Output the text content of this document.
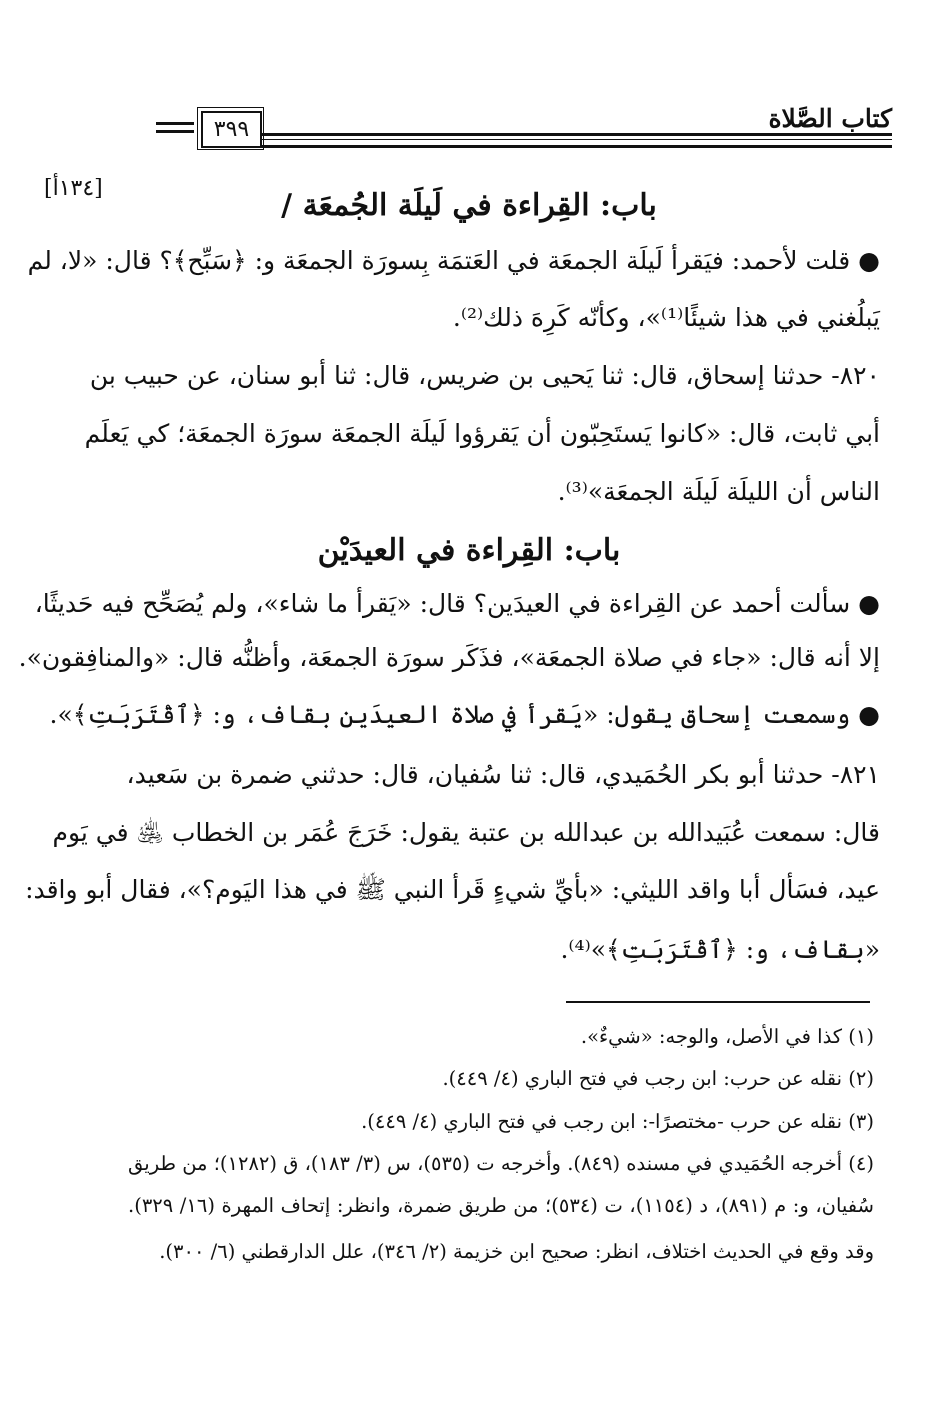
كتاب الصَّلاة
٣٩٩
[١٣٤أ]	باب: القِراءة في لَيلَة الجُمعَة /
● قلت لأحمد: فيَقرأ لَيلَة الجمعَة في العَتمَة بِسورَة الجمعَة و: ﴿سَبِّح﴾؟ قال: «لا، لم
يَبلُغني في هذا شيئًا⁽¹⁾»، وكأنّه كَرِهَ ذلك⁽²⁾.
٨٢٠- حدثنا إسحاق، قال: ثنا يَحيى بن ضريس، قال: ثنا أبو سنان، عن حبيب بن
أبي ثابت، قال: «كانوا يَستَحِبّون أن يَقرؤوا لَيلَة الجمعَة سورَة الجمعَة؛ كي يَعلَم
الناس أن الليلَة لَيلَة الجمعَة»⁽³⁾.
باب: القِراءة في العيدَيْن
● سألت أحمد عن القِراءة في العيدَين؟ قال: «يَقرأ ما شاء»، ولم يُصَحِّح فيه حَديثًا،
إلا أنه قال: «جاء في صلاة الجمعَة»، فذَكَر سورَة الجمعَة، وأظنُّه قال: «والمنافِقون».
● وسمعت إسحاق يقول: «يَقرأ في صلاة العيدَين بقاف، و: ﴿ٱقْتَرَبَتِ﴾».
٨٢١- حدثنا أبو بكر الحُمَيدي، قال: ثنا سُفيان، قال: حدثني ضمرة بن سَعيد،
قال: سمعت عُبَيدالله بن عبدالله بن عتبة يقول: خَرَجَ عُمَر بن الخطاب ﵁ في يَوم
عيد، فسَأل أبا واقد الليثي: «بأيِّ شيءٍ قَرأ النبي ﷺ في هذا اليَوم؟»، فقال أبو واقد:
«بقاف، و: ﴿ٱقْتَرَبَتِ﴾»⁽⁴⁾.
(١) كذا في الأصل، والوجه: «شيءٌ».
(٢) نقله عن حرب: ابن رجب في فتح الباري (٤/ ٤٤٩).
(٣) نقله عن حرب -مختصرًا-: ابن رجب في فتح الباري (٤/ ٤٤٩).
(٤) أخرجه الحُمَيدي في مسنده (٨٤٩). وأخرجه ت (٥٣٥)، س (٣/ ١٨٣)، ق (١٢٨٢)؛ من طريق
سُفيان، و: م (٨٩١)، د (١١٥٤)، ت (٥٣٤)؛ من طريق ضمرة، وانظر: إتحاف المهرة (١٦/ ٣٢٩).
وقد وقع في الحديث اختلاف، انظر: صحيح ابن خزيمة (٢/ ٣٤٦)، علل الدارقطني (٦/ ٣٠٠).
